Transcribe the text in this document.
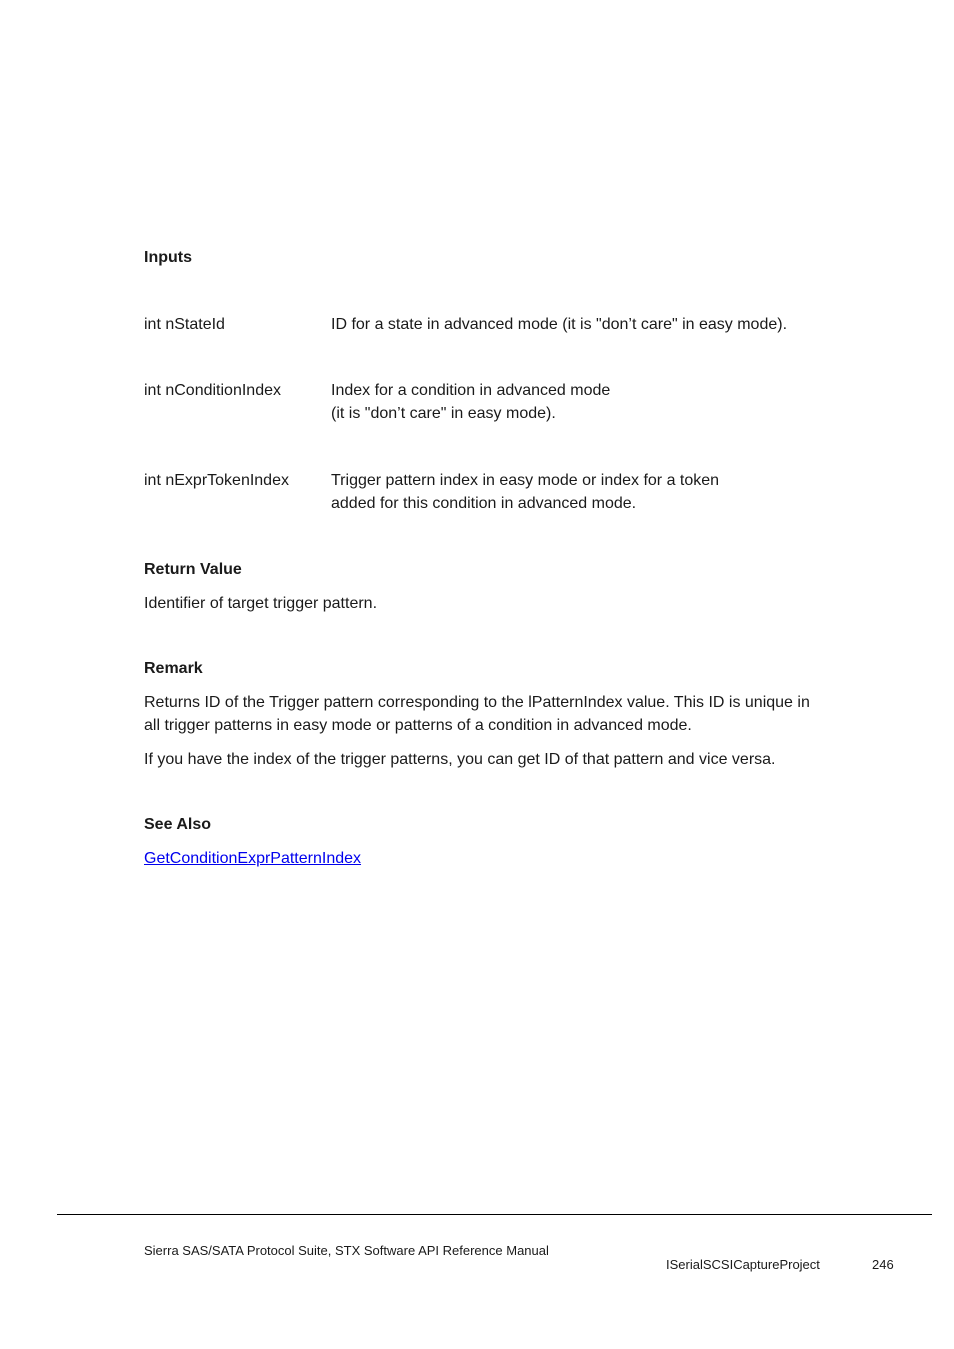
Inputs
int nStateId	ID for a state in advanced mode (it is "don’t care" in easy mode).
int nConditionIndex	Index for a condition in advanced mode
(it is "don’t care" in easy mode).
int nExprTokenIndex	Trigger pattern index in easy mode or index for a token
added for this condition in advanced mode.
Return Value
Identifier of target trigger pattern.
Remark
Returns ID of the Trigger pattern corresponding to the lPatternIndex value. This ID is unique in
all trigger patterns in easy mode or patterns of a condition in advanced mode.
If you have the index of the trigger patterns, you can get ID of that pattern and vice versa.
See Also
GetConditionExprPatternIndex
Sierra SAS/SATA Protocol Suite, STX Software API Reference Manual
ISerialSCSICaptureProject	246
